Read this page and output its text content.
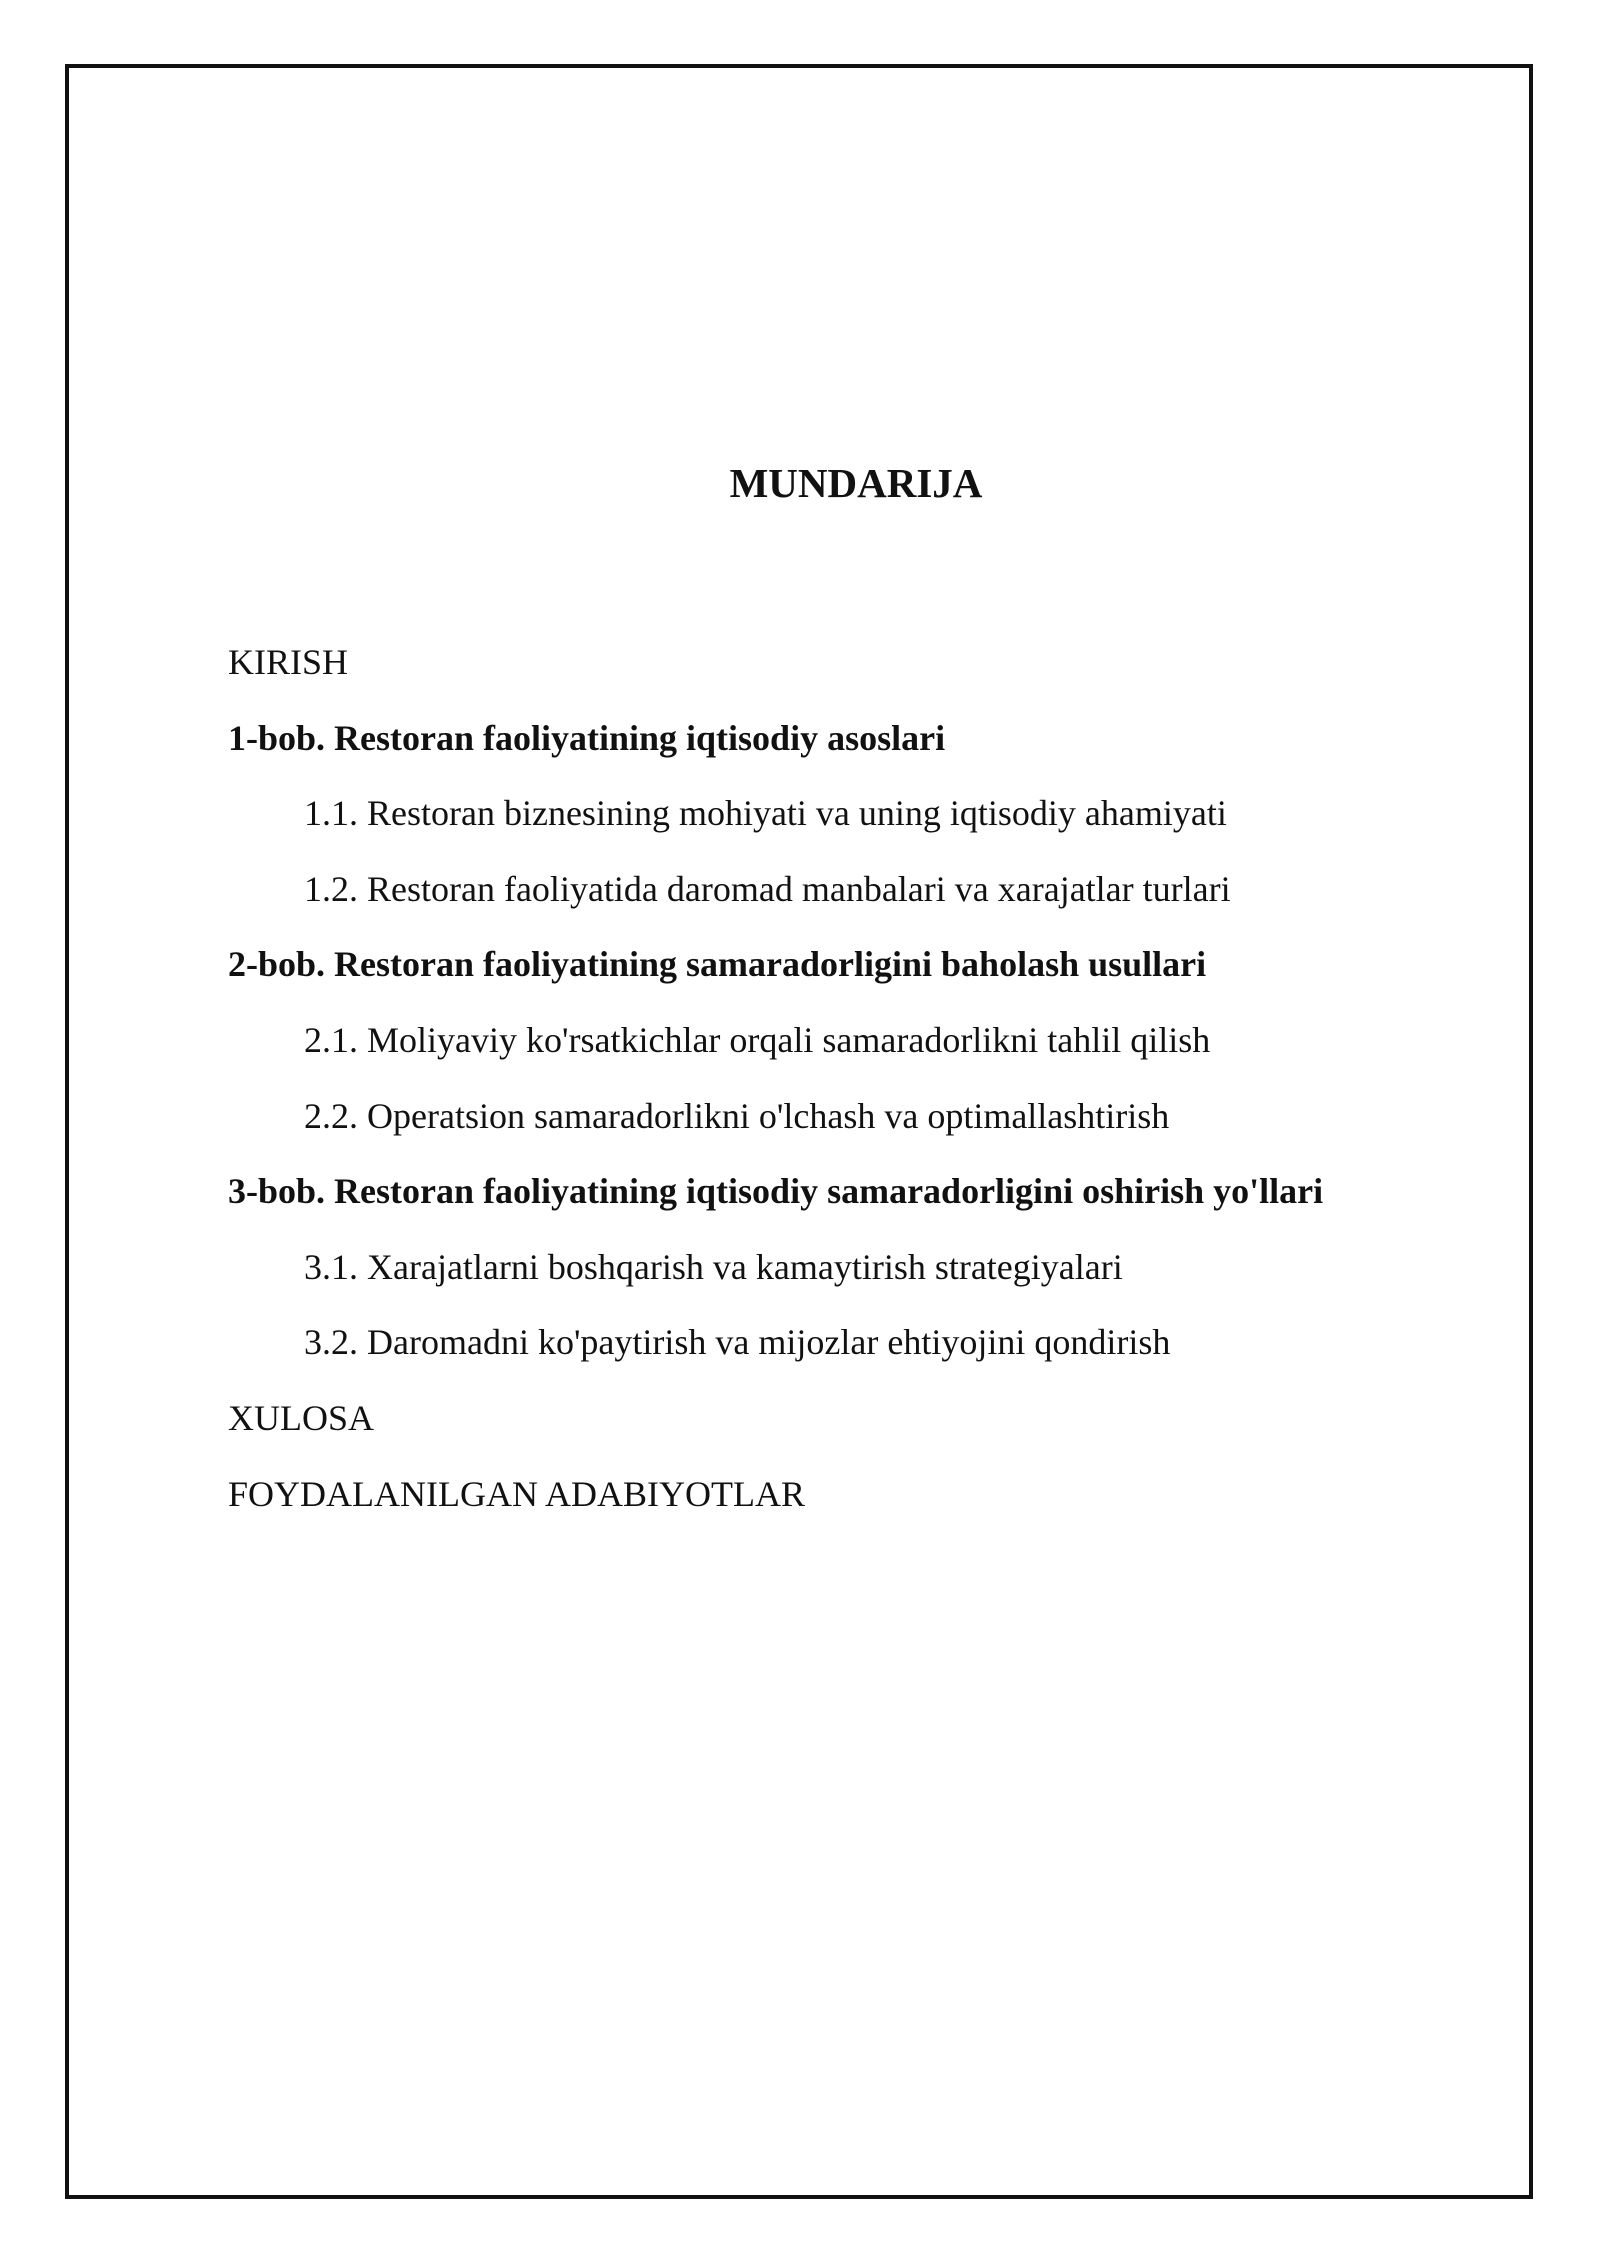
MUNDARIJA
KIRISH
1-bob. Restoran faoliyatining iqtisodiy asoslari
1.1. Restoran biznesining mohiyati va uning iqtisodiy ahamiyati
1.2. Restoran faoliyatida daromad manbalari va xarajatlar turlari
2-bob. Restoran faoliyatining samaradorligini baholash usullari
2.1. Moliyaviy ko'rsatkichlar orqali samaradorlikni tahlil qilish
2.2. Operatsion samaradorlikni o'lchash va optimallashtirish
3-bob. Restoran faoliyatining iqtisodiy samaradorligini oshirish yo'llari
3.1. Xarajatlarni boshqarish va kamaytirish strategiyalari
3.2. Daromadni ko'paytirish va mijozlar ehtiyojini qondirish
XULOSA
FOYDALANILGAN ADABIYOTLAR
